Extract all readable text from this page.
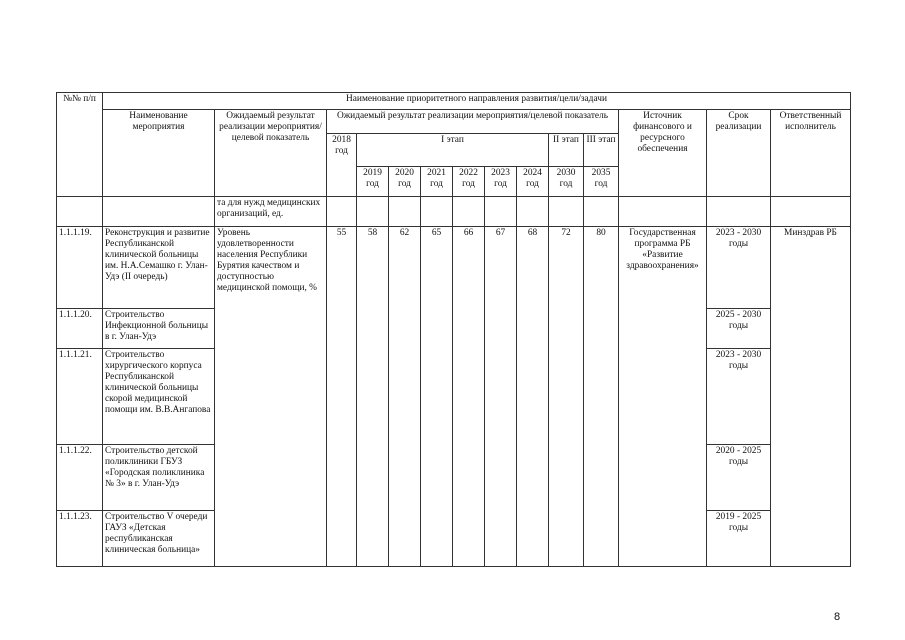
№№ п/п	Наименование приоритетного направления развития/цели/задачи													
	Наименование мероприятия	Ожидаемый результат реализации мероприятия/целевой показатель	Ожидаемый результат реализации мероприятия/целевой показатель									Источник финансового и ресурсного обеспечения	Срок реализации	Ответственный исполнитель
			2018 год	I этап						II этап	III этап			
				2019 год	2020 год	2021 год	2022 год	2023 год	2024 год	2030 год	2035 год			
		та для нужд медицинских организаций, ед.												
1.1.1.19.	Реконструкция и развитие Республиканской клинической больницы им. Н.А.Семашко г. Улан-Удэ (II очередь)	Уровень удовлетворенности населения Республики Бурятия качеством и доступностью медицинской помощи, %	55	58	62	65	66	67	68	72	80	Государственная программа РБ «Развитие здравоохранения»	2023 - 2030 годы	Минздрав РБ
1.1.1.20.	Строительство Инфекционной больницы в г. Улан-Удэ												2025 - 2030 годы	
1.1.1.21.	Строительство хирургического корпуса Республиканской клинической больницы скорой медицинской помощи им. В.В.Ангапова												2023 - 2030 годы	
1.1.1.22.	Строительство детской поликлиники ГБУЗ «Городская поликлиника № 3» в г. Улан-Удэ												2020 - 2025 годы	
1.1.1.23.	Строительство V очереди ГАУЗ «Детская республиканская клиническая больница»												2019 - 2025 годы	
8
